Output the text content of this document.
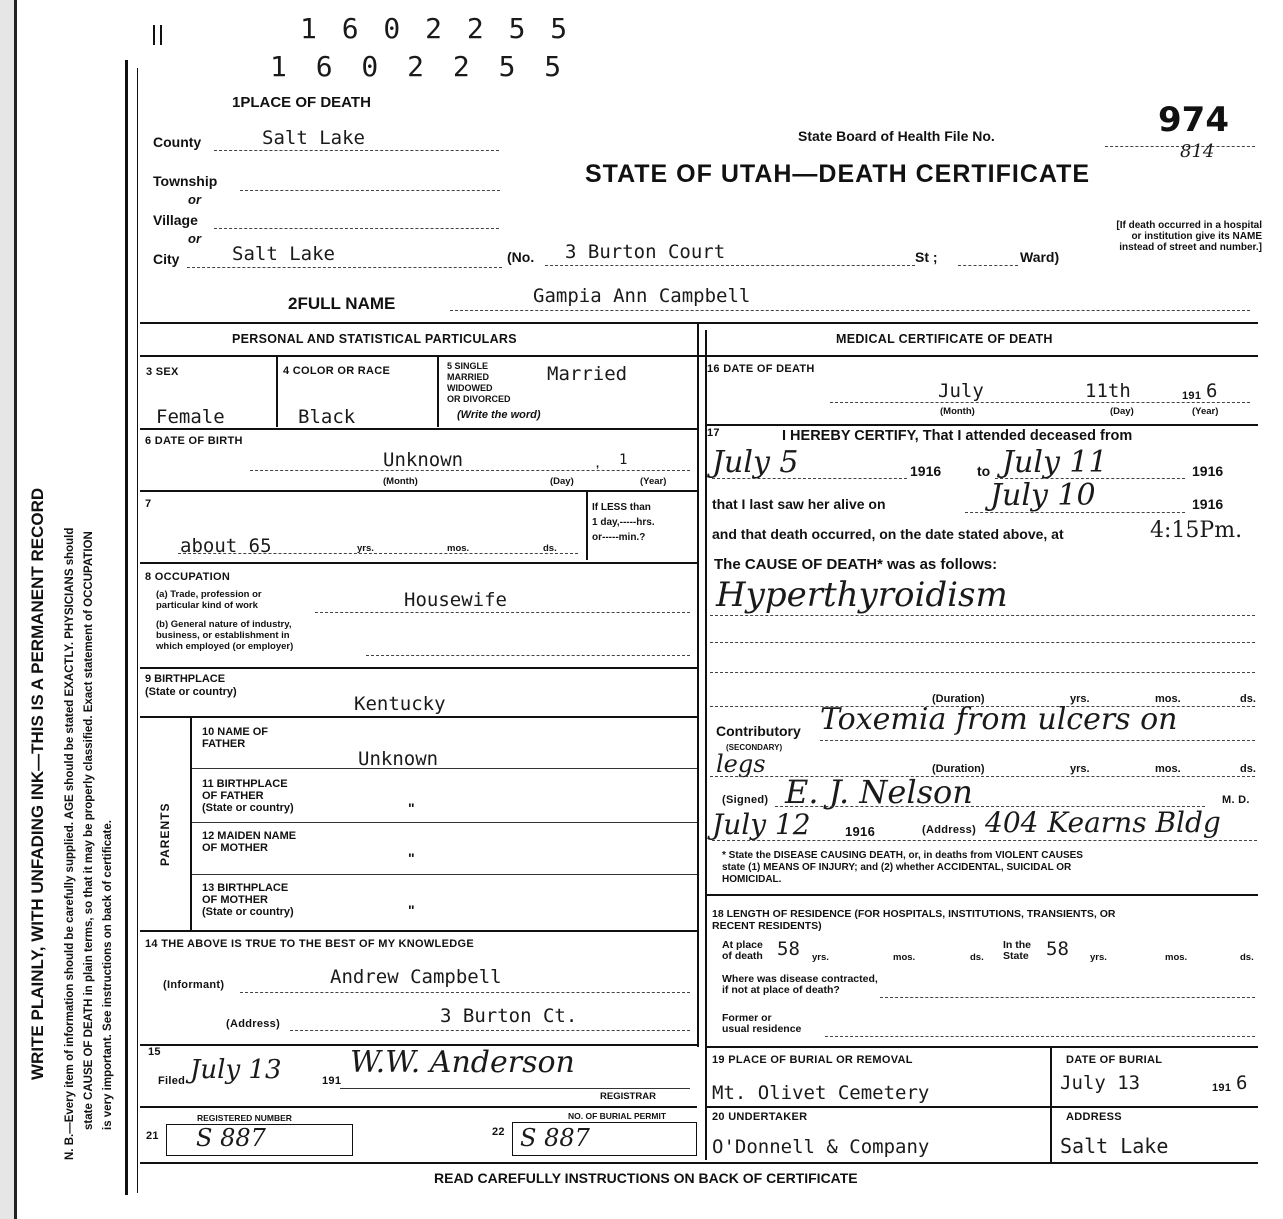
WRITE PLAINLY, WITH UNFADING INK—THIS IS A PERMANENT RECORD N. B.—Every item of information should be carefully supplied. AGE should be stated EXACTLY. PHYSICIANS should state CAUSE OF DEATH in plain terms, so that it may be properly classified. Exact statement of OCCUPATION is very important. See instructions on back of certificate.
1 6 0 2 2 5 5
1 6 0 2 2 5 5
1PLACE OF DEATH
State Board of Health File No.	974
814
STATE OF UTAH—DEATH CERTIFICATE
County	Salt Lake
Township
or
Village
or
City	Salt Lake	(No. 3 Burton Court	St ;	Ward)
[If death occurred in a hospital or institution give its NAME instead of street and number.]
2FULL NAME	Gampia Ann Campbell
PERSONAL AND STATISTICAL PARTICULARS	MEDICAL CERTIFICATE OF DEATH
3 SEX
Female
4 COLOR OR RACE
Black
5 SINGLE
MARRIED
WIDOWED
OR DIVORCED
(Write the word)
Married
6 DATE OF BIRTH
Unknown	, 1
(Month)	(Day)	(Year)
7
about 65	yrs.	mos.	ds.
If LESS than
1 day,-----hrs.
or-----min.?
8 OCCUPATION
(a) Trade, profession or
particular kind of work	Housewife
(b) General nature of industry,
business, or establishment in
which employed (or employer)
9 BIRTHPLACE
(State or country)
Kentucky
PARENTS
10 NAME OF
FATHER
Unknown
11 BIRTHPLACE
OF FATHER
(State or country)	"
12 MAIDEN NAME
OF MOTHER
"
13 BIRTHPLACE
OF MOTHER
(State or country)	"
14 THE ABOVE IS TRUE TO THE BEST OF MY KNOWLEDGE
(Informant)	Andrew Campbell
(Address)	3 Burton Ct.
15
Filed July 13	191
W.W. Anderson
REGISTRAR
REGISTERED NUMBER
21 S 887
NO. OF BURIAL PERMIT
22 S 887
16 DATE OF DEATH
July	11th	191 6
(Month)	(Day)	(Year)
17	I HEREBY CERTIFY, That I attended deceased from
July 5	1916	to July 11	1916
that I last saw her alive on	July 10	1916
and that death occurred, on the date stated above, at	4:15Pm.
The CAUSE OF DEATH* was as follows:
Hyperthyroidism
(Duration)	yrs.	mos.	ds.
Contributory
(SECONDARY)
Toxemia from ulcers on
legs	(Duration)	yrs.	mos.	ds.
(Signed) E. J. Nelson	M. D.
July 12	1916	(Address) 404 Kearns Bldg
* State the DISEASE CAUSING DEATH, or, in deaths from VIOLENT CAUSES
state (1) MEANS OF INJURY; and (2) whether ACCIDENTAL, SUICIDAL OR
HOMICIDAL.
18 LENGTH OF RESIDENCE (FOR HOSPITALS, INSTITUTIONS, TRANSIENTS, OR
RECENT RESIDENTS)
At place
of death 58 yrs.	mos.	ds.
In the
State 58 yrs.	mos.	ds.
Where was disease contracted,
if not at place of death?
Former or
usual residence
19 PLACE OF BURIAL OR REMOVAL
Mt. Olivet Cemetery
DATE OF BURIAL
July 13	191 6
20 UNDERTAKER
O'Donnell & Company
ADDRESS
Salt Lake
READ CAREFULLY INSTRUCTIONS ON BACK OF CERTIFICATE
